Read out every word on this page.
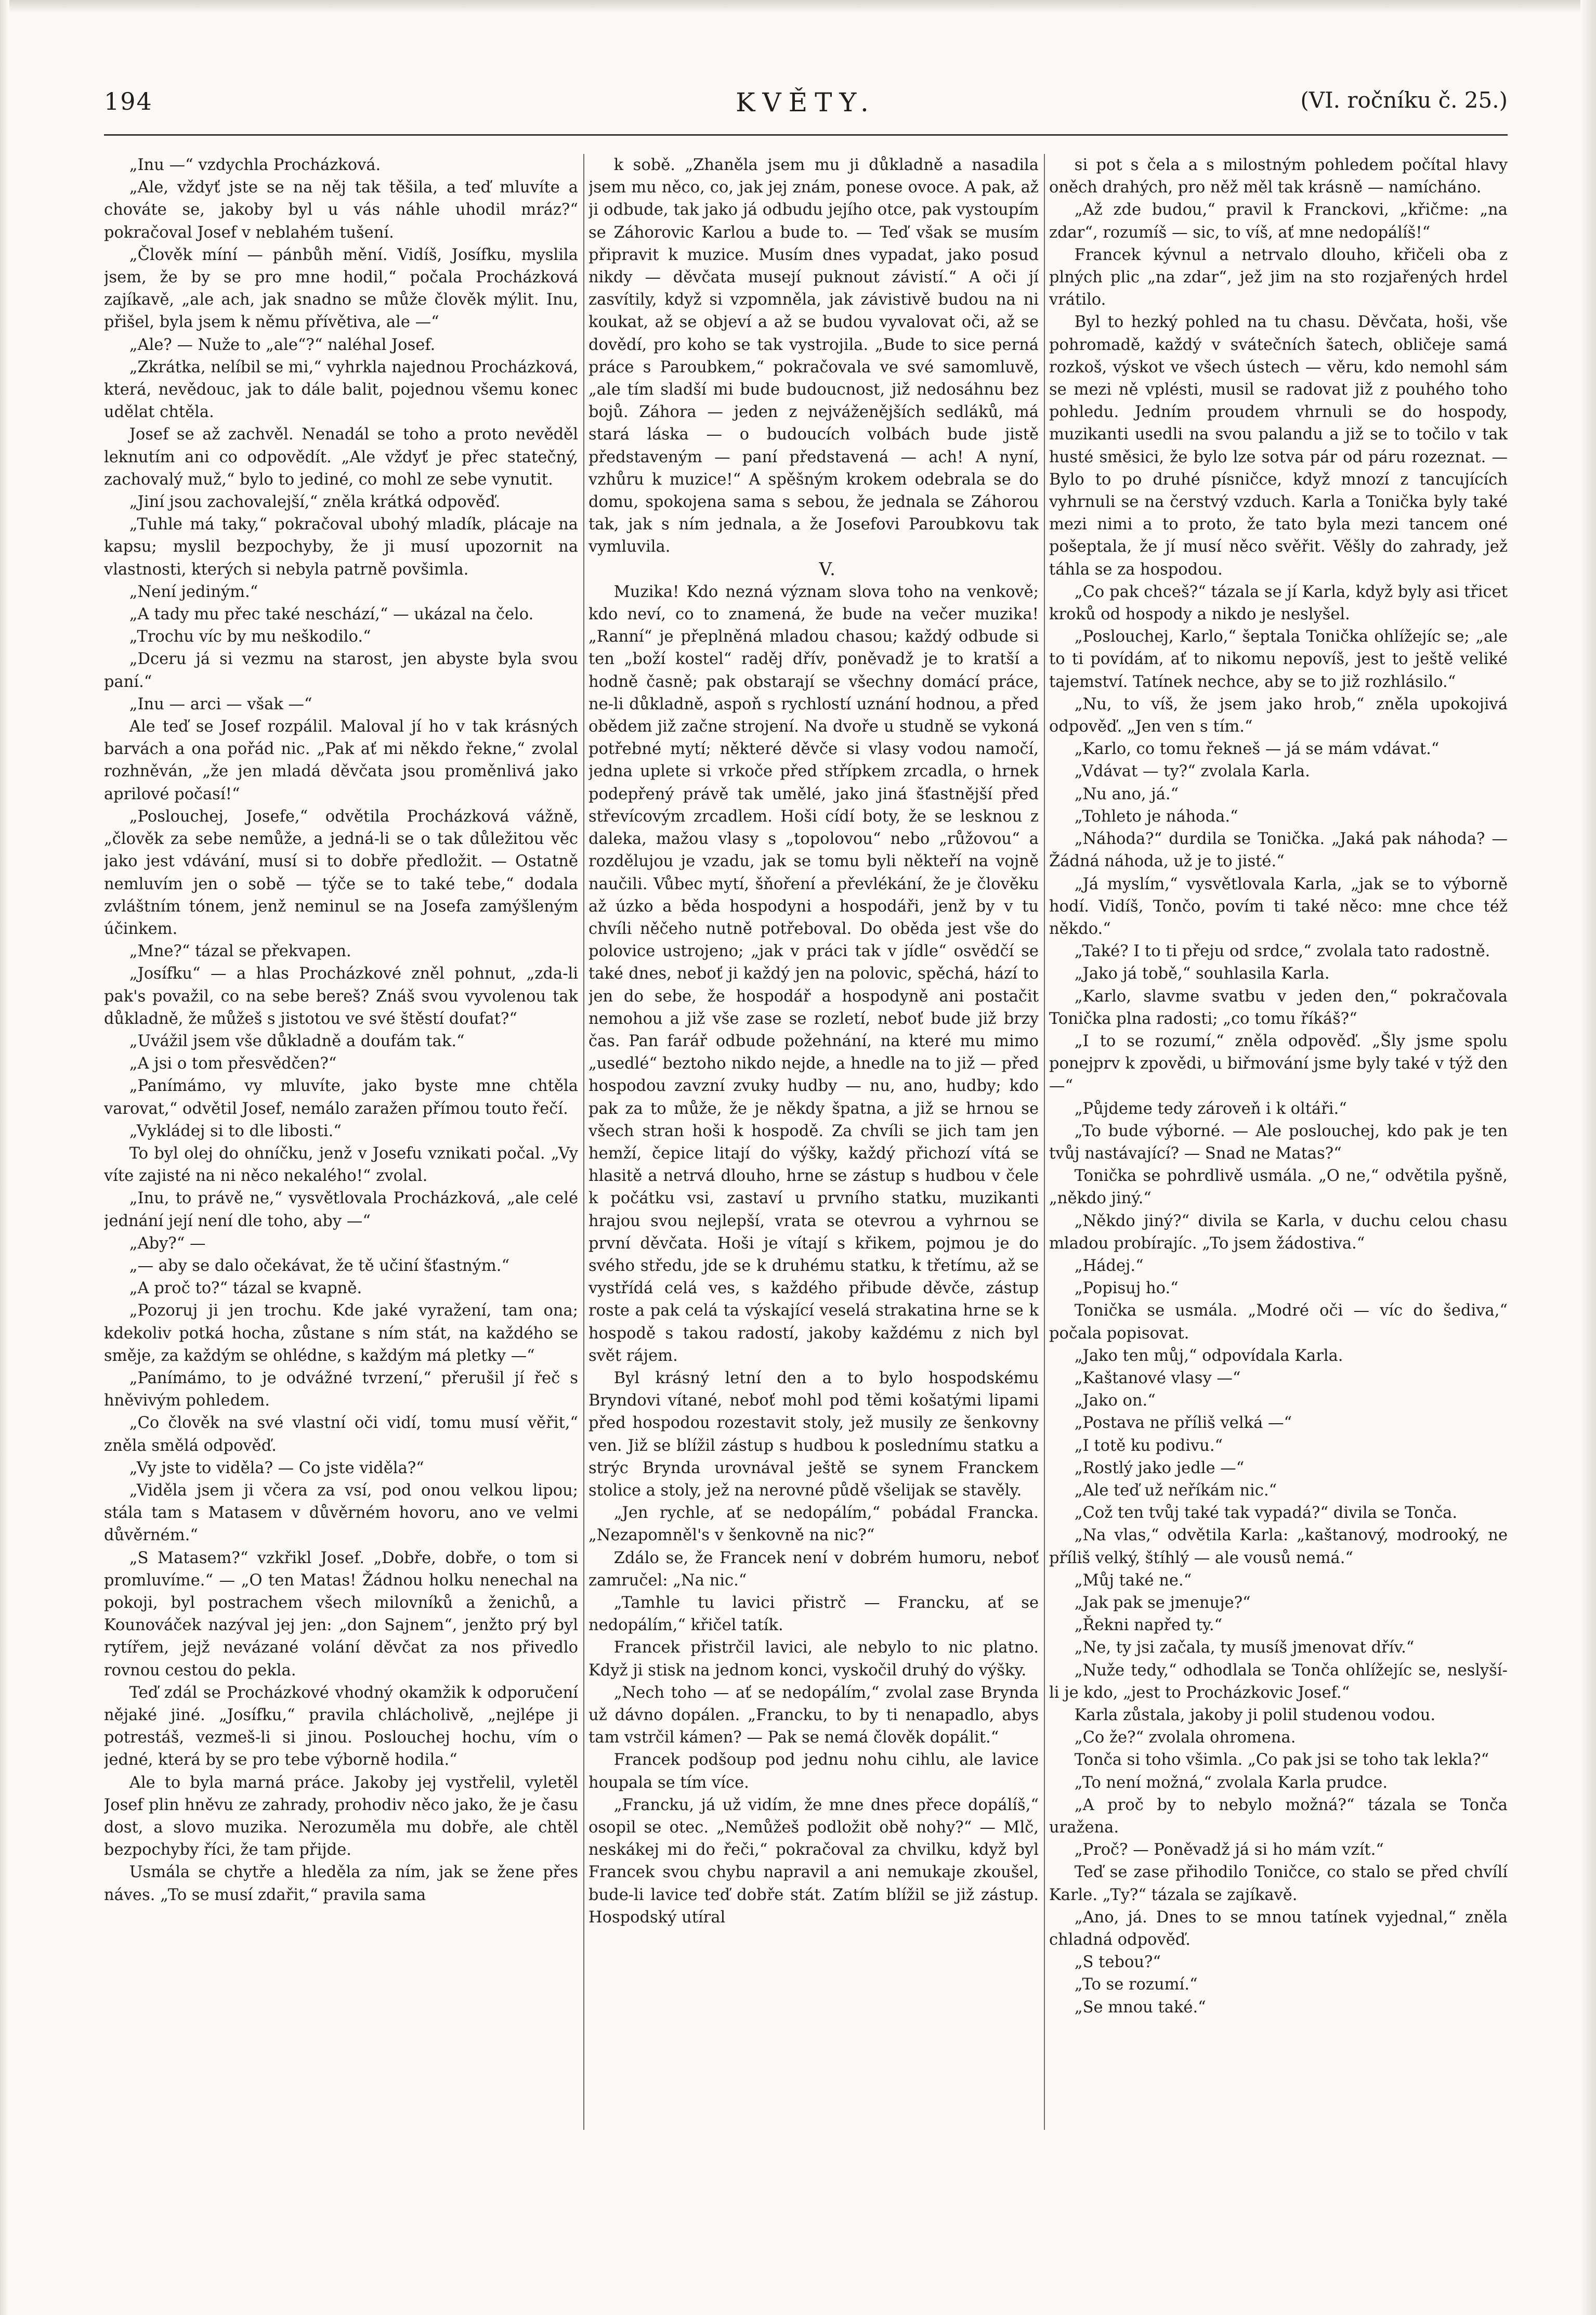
194	KVĚTY.	(VI. ročníku č. 25.)

„Inu —“ vzdychla Procházková.

„Ale, vždyť jste se na něj tak těšila, a teď mluvíte a chováte se, jakoby byl u vás náhle uhodil mráz?“ pokračoval Josef v neblahém tušení.

„Člověk míní — pánbůh mění. Vidíš, Josífku, myslila jsem, že by se pro mne hodil,“ počala Procházková zajíkavě, „ale ach, jak snadno se může člověk mýlit. Inu, přišel, byla jsem k němu přívětiva, ale —“

„Ale? — Nuže to „ale“?“ naléhal Josef.

„Zkrátka, nelíbil se mi,“ vyhrkla najednou Procházková, která, nevědouc, jak to dále balit, pojednou všemu konec udělat chtěla.

Josef se až zachvěl. Nenadál se toho a proto nevěděl leknutím ani co odpovědít. „Ale vždyť je přec statečný, zachovalý muž,“ bylo to jediné, co mohl ze sebe vynutit.

„Jiní jsou zachovalejší,“ zněla krátká odpověď.

„Tuhle má taky,“ pokračoval ubohý mladík, plácaje na kapsu; myslil bezpochyby, že ji musí upozornit na vlastnosti, kterých si nebyla patrně povšimla.

„Není jediným.“

„A tady mu přec také neschází,“ — ukázal na čelo.

„Trochu víc by mu neškodilo.“

„Dceru já si vezmu na starost, jen abyste byla svou paní.“

„Inu — arci — však —“

Ale teď se Josef rozpálil. Maloval jí ho v tak krásných barvách a ona pořád nic. „Pak ať mi někdo řekne,“ zvolal rozhněván, „že jen mladá děvčata jsou proměnlivá jako aprilové počasí!“

„Poslouchej, Josefe,“ odvětila Procházková vážně, „člověk za sebe nemůže, a jedná-li se o tak důležitou věc jako jest vdávání, musí si to dobře předložit. — Ostatně nemluvím jen o sobě — týče se to také tebe,“ dodala zvláštním tónem, jenž neminul se na Josefa zamýšleným účinkem.

„Mne?“ tázal se překvapen.

„Josífku“ — a hlas Procházkové zněl pohnut, „zda-li pak's považil, co na sebe bereš? Znáš svou vyvolenou tak důkladně, že můžeš s jistotou ve své štěstí doufat?“

„Uvážil jsem vše důkladně a doufám tak.“

„A jsi o tom přesvědčen?“

„Panímámo, vy mluvíte, jako byste mne chtěla varovat,“ odvětil Josef, nemálo zaražen přímou touto řečí.

„Vykládej si to dle libosti.“

To byl olej do ohníčku, jenž v Josefu vznikati počal. „Vy víte zajisté na ni něco nekalého!“ zvolal.

„Inu, to právě ne,“ vysvětlovala Procházková, „ale celé jednání její není dle toho, aby —“

„Aby?“ —

„— aby se dalo očekávat, že tě učiní šťastným.“

„A proč to?“ tázal se kvapně.

„Pozoruj ji jen trochu. Kde jaké vyražení, tam ona; kdekoliv potká hocha, zůstane s ním stát, na každého se směje, za každým se ohlédne, s každým má pletky —“

„Panímámo, to je odvážné tvrzení,“ přerušil jí řeč s hněvivým pohledem.

„Co člověk na své vlastní oči vidí, tomu musí věřit,“ zněla smělá odpověď.

„Vy jste to viděla? — Co jste viděla?“

„Viděla jsem ji včera za vsí, pod onou velkou lipou; stála tam s Matasem v důvěrném hovoru, ano ve velmi důvěrném.“

„S Matasem?“ vzkřikl Josef. „Dobře, dobře, o tom si promluvíme.“ — „O ten Matas! Žádnou holku nenechal na pokoji, byl postrachem všech milovníků a ženichů, a Kounováček nazýval jej jen: „don Sajnem“, jenžto prý byl rytířem, jejž nevázané volání děvčat za nos přivedlo rovnou cestou do pekla.

Teď zdál se Procházkové vhodný okamžik k odporučení nějaké jiné. „Josífku,“ pravila chlácholivě, „nejlépe ji potrestáš, vezmeš-li si jinou. Poslouchej hochu, vím o jedné, která by se pro tebe výborně hodila.“

Ale to byla marná práce. Jakoby jej vystřelil, vyletěl Josef plin hněvu ze zahrady, prohodiv něco jako, že je času dost, a slovo muzika. Nerozuměla mu dobře, ale chtěl bezpochyby říci, že tam přijde.

Usmála se chytře a hleděla za ním, jak se žene přes náves. „To se musí zdařit,“ pravila sama

k sobě. „Zhaněla jsem mu ji důkladně a nasadila jsem mu něco, co, jak jej znám, ponese ovoce. A pak, až ji odbude, tak jako já odbudu jejího otce, pak vystoupím se Záhorovic Karlou a bude to. — Teď však se musím připravit k muzice. Musím dnes vypadat, jako posud nikdy — děvčata musejí puknout závistí.“ A oči jí zasvítily, když si vzpomněla, jak závistivě budou na ni koukat, až se objeví a až se budou vyvalovat oči, až se dovědí, pro koho se tak vystrojila. „Bude to sice perná práce s Paroubkem,“ pokračovala ve své samomluvě, „ale tím sladší mi bude budoucnost, již nedosáhnu bez bojů. Záhora — jeden z nejváženějších sedláků, má stará láska — o budoucích volbách bude jistě představeným — paní představená — ach! A nyní, vzhůru k muzice!“ A spěšným krokem odebrala se do domu, spokojena sama s sebou, že jednala se Záhorou tak, jak s ním jednala, a že Josefovi Paroubkovu tak vymluvila.

V.

Muzika! Kdo nezná význam slova toho na venkově; kdo neví, co to znamená, že bude na večer muzika! „Ranní“ je přeplněná mladou chasou; každý odbude si ten „boží kostel“ raděj dřív, poněvadž je to kratší a hodně časně; pak obstarají se všechny domácí práce, ne-li důkladně, aspoň s rychlostí uznání hodnou, a před obědem již začne strojení. Na dvoře u studně se vykoná potřebné mytí; některé děvče si vlasy vodou namočí, jedna uplete si vrkoče před střípkem zrcadla, o hrnek podepřený právě tak umělé, jako jiná šťastnější před střevícovým zrcadlem. Hoši cídí boty, že se lesknou z daleka, mažou vlasy s „topolovou“ nebo „růžovou“ a rozdělujou je vzadu, jak se tomu byli někteří na vojně naučili. Vůbec mytí, šňoření a převlékání, že je člověku až úzko a běda hospodyni a hospodáři, jenž by v tu chvíli něčeho nutně potřeboval. Do oběda jest vše do polovice ustrojeno; „jak v práci tak v jídle“ osvědčí se také dnes, neboť ji každý jen na polovic, spěchá, hází to jen do sebe, že hospodář a hospodyně ani postačit nemohou a již vše zase se rozletí, neboť bude již brzy čas. Pan farář odbude požehnání, na které mu mimo „usedlé“ beztoho nikdo nejde, a hnedle na to již — před hospodou zavzní zvuky hudby — nu, ano, hudby; kdo pak za to může, že je někdy špatna, a již se hrnou se všech stran hoši k hospodě. Za chvíli se jich tam jen hemží, čepice litají do výšky, každý přichozí vítá se hlasitě a netrvá dlouho, hrne se zástup s hudbou v čele k počátku vsi, zastaví u prvního statku, muzikanti hrajou svou nejlepší, vrata se otevrou a vyhrnou se první děvčata. Hoši je vítají s křikem, pojmou je do svého středu, jde se k druhému statku, k třetímu, až se vystřídá celá ves, s každého přibude děvče, zástup roste a pak celá ta výskající veselá strakatina hrne se k hospodě s takou radostí, jakoby každému z nich byl svět rájem.

Byl krásný letní den a to bylo hospodskému Bryndovi vítané, neboť mohl pod těmi košatými lipami před hospodou rozestavit stoly, jež musily ze šenkovny ven. Již se blížil zástup s hudbou k poslednímu statku a strýc Brynda urovnával ještě se synem Franckem stolice a stoly, jež na nerovné půdě všelijak se stavěly.

„Jen rychle, ať se nedopálím,“ pobádal Francka. „Nezapomněl's v šenkovně na nic?“

Zdálo se, že Francek není v dobrém humoru, neboť zamručel: „Na nic.“

„Tamhle tu lavici přistrč — Francku, ať se nedopálím,“ křičel tatík.

Francek přistrčil lavici, ale nebylo to nic platno. Když ji stisk na jednom konci, vyskočil druhý do výšky.

„Nech toho — ať se nedopálím,“ zvolal zase Brynda už dávno dopálen. „Francku, to by ti nenapadlo, abys tam vstrčil kámen? — Pak se nemá člověk dopálit.“

Francek podšoup pod jednu nohu cihlu, ale lavice houpala se tím více.

„Francku, já už vidím, že mne dnes přece dopálíš,“ osopil se otec. „Nemůžeš podložit obě nohy?“ — Mlč, neskákej mi do řeči,“ pokračoval za chvilku, když byl Francek svou chybu napravil a ani nemukaje zkoušel, bude-li lavice teď dobře stát. Zatím blížil se již zástup. Hospodský utíral

si pot s čela a s milostným pohledem počítal hlavy oněch drahých, pro něž měl tak krásně — namícháno.

„Až zde budou,“ pravil k Franckovi, „křičme: „na zdar“, rozumíš — sic, to víš, ať mne nedopálíš!“

Francek kývnul a netrvalo dlouho, křičeli oba z plných plic „na zdar“, jež jim na sto rozjařených hrdel vrátilo.

Byl to hezký pohled na tu chasu. Děvčata, hoši, vše pohromadě, každý v svátečních šatech, obličeje samá rozkoš, výskot ve všech ústech — věru, kdo nemohl sám se mezi ně vplésti, musil se radovat již z pouhého toho pohledu. Jedním proudem vhrnuli se do hospody, muzikanti usedli na svou palandu a již se to točilo v tak husté směsici, že bylo lze sotva pár od páru rozeznat. — Bylo to po druhé písničce, když mnozí z tancujících vyhrnuli se na čerstvý vzduch. Karla a Tonička byly také mezi nimi a to proto, že tato byla mezi tancem oné pošeptala, že jí musí něco svěřit. Věšly do zahrady, jež táhla se za hospodou.

„Co pak chceš?“ tázala se jí Karla, když byly asi třicet kroků od hospody a nikdo je neslyšel.

„Poslouchej, Karlo,“ šeptala Tonička ohlížejíc se; „ale to ti povídám, ať to nikomu nepovíš, jest to ještě veliké tajemství. Tatínek nechce, aby se to již rozhlásilo.“

„Nu, to víš, že jsem jako hrob,“ zněla upokojivá odpověď. „Jen ven s tím.“

„Karlo, co tomu řekneš — já se mám vdávat.“

„Vdávat — ty?“ zvolala Karla.

„Nu ano, já.“

„Tohleto je náhoda.“

„Náhoda?“ durdila se Tonička. „Jaká pak náhoda? — Žádná náhoda, už je to jisté.“

„Já myslím,“ vysvětlovala Karla, „jak se to výborně hodí. Vidíš, Tončo, povím ti také něco: mne chce též někdo.“

„Také? I to ti přeju od srdce,“ zvolala tato radostně.

„Jako já tobě,“ souhlasila Karla.

„Karlo, slavme svatbu v jeden den,“ pokračovala Tonička plna radosti; „co tomu říkáš?“

„I to se rozumí,“ zněla odpověď. „Šly jsme spolu ponejprv k zpovědi, u biřmování jsme byly také v týž den —“

„Půjdeme tedy zároveň i k oltáři.“

„To bude výborné. — Ale poslouchej, kdo pak je ten tvůj nastávající? — Snad ne Matas?“

Tonička se pohrdlivě usmála. „O ne,“ odvětila pyšně, „někdo jiný.“

„Někdo jiný?“ divila se Karla, v duchu celou chasu mladou probírajíc. „To jsem žádostiva.“

„Hádej.“

„Popisuj ho.“

Tonička se usmála. „Modré oči — víc do šediva,“ počala popisovat.

„Jako ten můj,“ odpovídala Karla.

„Kaštanové vlasy —“

„Jako on.“

„Postava ne příliš velká —“

„I totě ku podivu.“

„Rostlý jako jedle —“

„Ale teď už neříkám nic.“

„Což ten tvůj také tak vypadá?“ divila se Tonča.

„Na vlas,“ odvětila Karla: „kaštanový, modrooký, ne příliš velký, štíhlý — ale vousů nemá.“

„Můj také ne.“

„Jak pak se jmenuje?“

„Řekni napřed ty.“

„Ne, ty jsi začala, ty musíš jmenovat dřív.“

„Nuže tedy,“ odhodlala se Tonča ohlížejíc se, neslyší-li je kdo, „jest to Procházkovic Josef.“

Karla zůstala, jakoby ji polil studenou vodou.

„Co že?“ zvolala ohromena.

Tonča si toho všimla. „Co pak jsi se toho tak lekla?“

„To není možná,“ zvolala Karla prudce.

„A proč by to nebylo možná?“ tázala se Tonča uražena.

„Proč? — Poněvadž já si ho mám vzít.“

Teď se zase přihodilo Toničce, co stalo se před chvílí Karle. „Ty?“ tázala se zajíkavě.

„Ano, já. Dnes to se mnou tatínek vyjednal,“ zněla chladná odpověď.

„S tebou?“

„To se rozumí.“

„Se mnou také.“
